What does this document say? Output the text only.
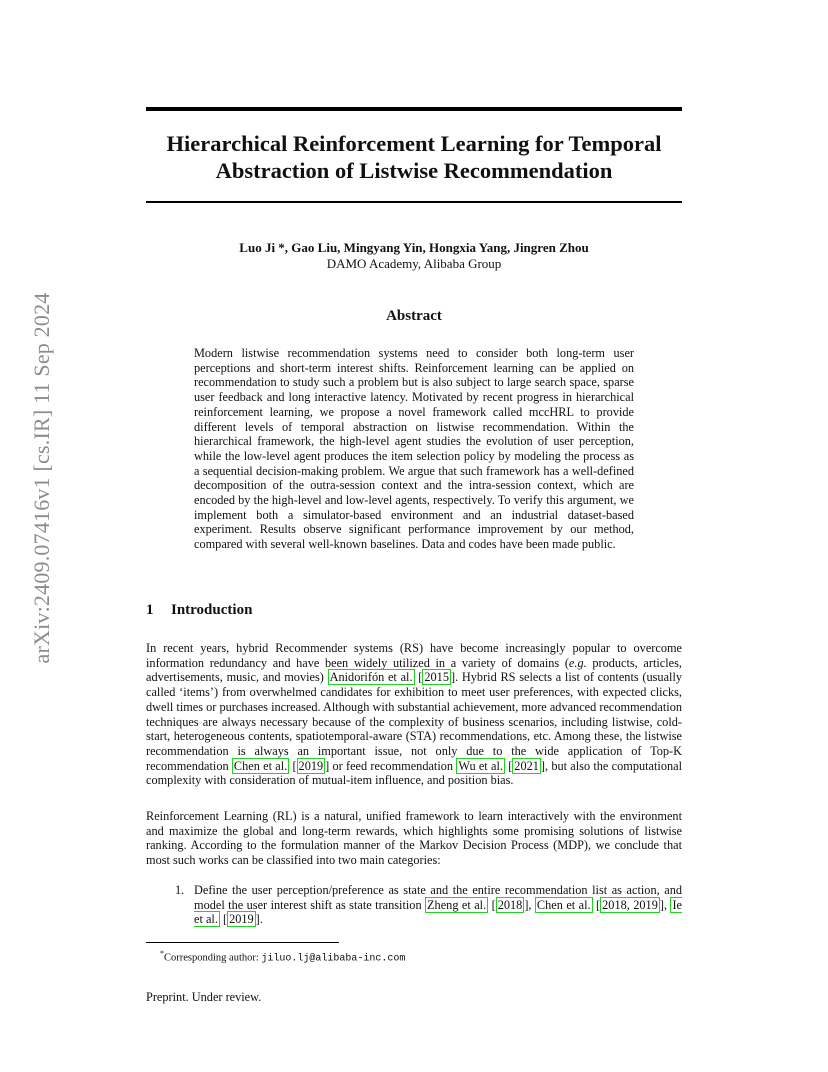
arXiv:2409.07416v1 [cs.IR] 11 Sep 2024
Hierarchical Reinforcement Learning for Temporal Abstraction of Listwise Recommendation
Luo Ji *, Gao Liu, Mingyang Yin, Hongxia Yang, Jingren Zhou
DAMO Academy, Alibaba Group
Abstract

Modern listwise recommendation systems need to consider both long-term user perceptions and short-term interest shifts. Reinforcement learning can be applied on recommendation to study such a problem but is also subject to large search space, sparse user feedback and long interactive latency. Motivated by recent progress in hierarchical reinforcement learning, we propose a novel framework called mccHRL to provide different levels of temporal abstraction on listwise recommendation. Within the hierarchical framework, the high-level agent studies the evolution of user perception, while the low-level agent produces the item selection policy by modeling the process as a sequential decision-making problem. We argue that such framework has a well-defined decomposition of the outra-session context and the intra-session context, which are encoded by the high-level and low-level agents, respectively. To verify this argument, we implement both a simulator-based environment and an industrial dataset-based experiment. Results observe significant performance improvement by our method, compared with several well-known baselines. Data and codes have been made public.

1 Introduction

In recent years, hybrid Recommender systems (RS) have become increasingly popular to overcome information redundancy and have been widely utilized in a variety of domains (e.g. products, articles, advertisements, music, and movies) Anidorifón et al. [ 2015 ]. Hybrid RS selects a list of contents (usually called ‘items’) from overwhelmed candidates for exhibition to meet user preferences, with expected clicks, dwell times or purchases increased. Although with substantial achievement, more advanced recommendation techniques are always necessary because of the complexity of business scenarios, including listwise, cold-start, heterogeneous contents, spatiotemporal-aware (STA) recommendations, etc. Among these, the listwise recommendation is always an important issue, not only due to the wide application of Top-K recommendation Chen et al. [ 2019 ] or feed recommendation Wu et al. [ 2021 ], but also the computational complexity with consideration of mutual-item influence, and position bias.

Reinforcement Learning (RL) is a natural, unified framework to learn interactively with the environment and maximize the global and long-term rewards, which highlights some promising solutions of listwise ranking. According to the formulation manner of the Markov Decision Process (MDP), we conclude that most such works can be classified into two main categories:

1. Define the user perception/preference as state and the entire recommendation list as action, and model the user interest shift as state transition Zheng et al. [ 2018 ], Chen et al. [ 2018, 2019 ], Ie et al. [ 2019 ].
*Corresponding author: jiluo.lj@alibaba-inc.com
Preprint. Under review.
